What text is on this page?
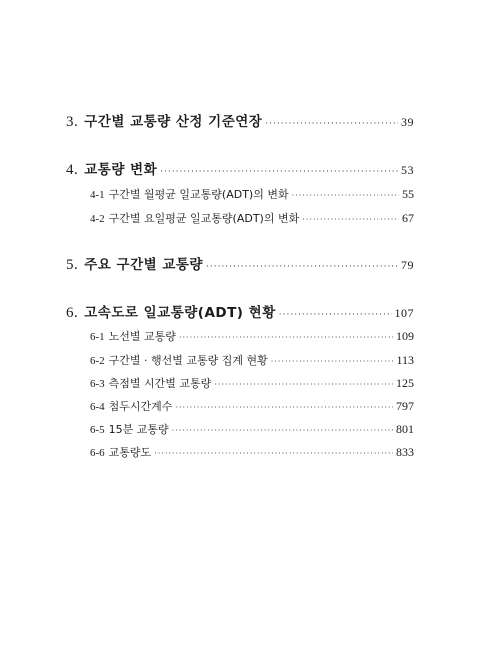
3. 구간별 교통량 산정 기준연장 ·····	39
4. 교통량 변화 ·····	53
4-1 구간별 월평균 일교통량(ADT)의 변화 ·····	55
4-2 구간별 요일평균 일교통량(ADT)의 변화 ·····	67
5. 주요 구간별 교통량 ·····	79
6. 고속도로 일교통량(ADT) 현황 ·····	107
6-1 노선별 교통량 ·····	109
6-2 구간별 · 행선별 교통량 집계 현황 ·····	113
6-3 측점별 시간별 교통량 ·····	125
6-4 첨두시간계수 ·····	797
6-5 15분 교통량 ·····	801
6-6 교통량도 ·····	833
